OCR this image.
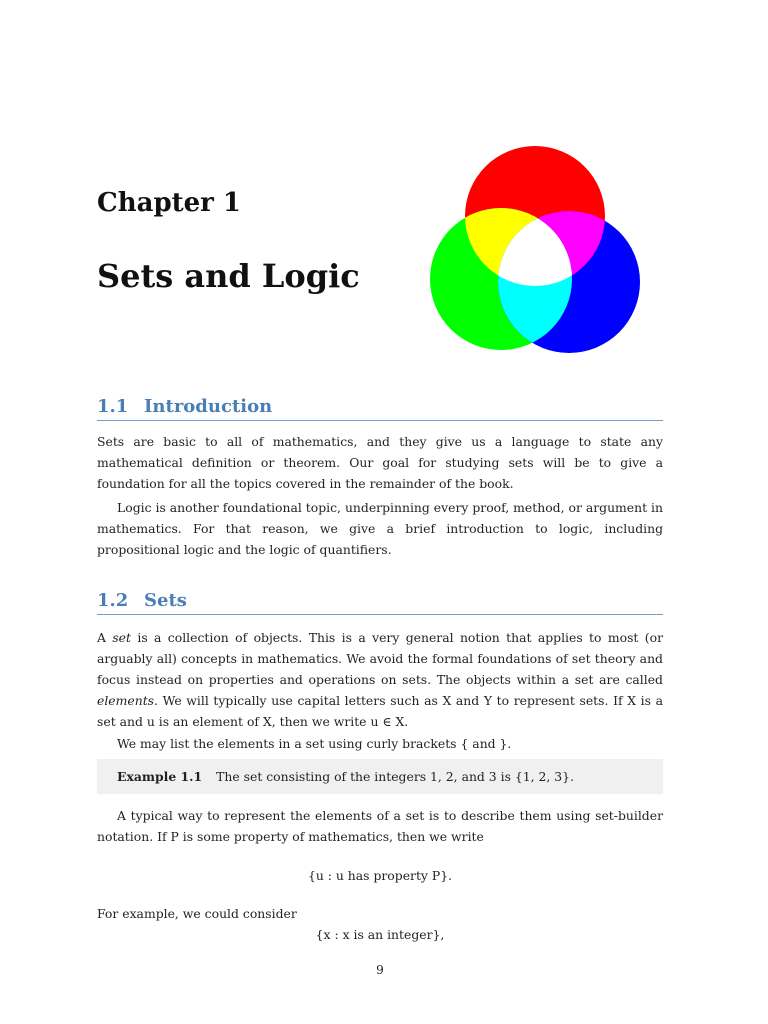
Chapter 1
Sets and Logic
1.1 Introduction

Sets are basic to all of mathematics, and they give us a language to state any mathematical definition or theorem. Our goal for studying sets will be to give a foundation for all the topics covered in the remainder of the book.

Logic is another foundational topic, underpinning every proof, method, or argument in mathematics. For that reason, we give a brief introduction to logic, including propositional logic and the logic of quantifiers.

1.2 Sets

A set is a collection of objects. This is a very general notion that applies to most (or arguably all) concepts in mathematics. We avoid the formal foundations of set theory and focus instead on properties and operations on sets. The objects within a set are called elements. We will typically use capital letters such as X and Y to represent sets. If X is a set and u is an element of X, then we write u ∈ X.

We may list the elements in a set using curly brackets { and }.

Example 1.1 The set consisting of the integers 1, 2, and 3 is {1, 2, 3}.

A typical way to represent the elements of a set is to describe them using set-builder notation. If P is some property of mathematics, then we write

{u : u has property P}.

For example, we could consider

{x : x is an integer},
9
